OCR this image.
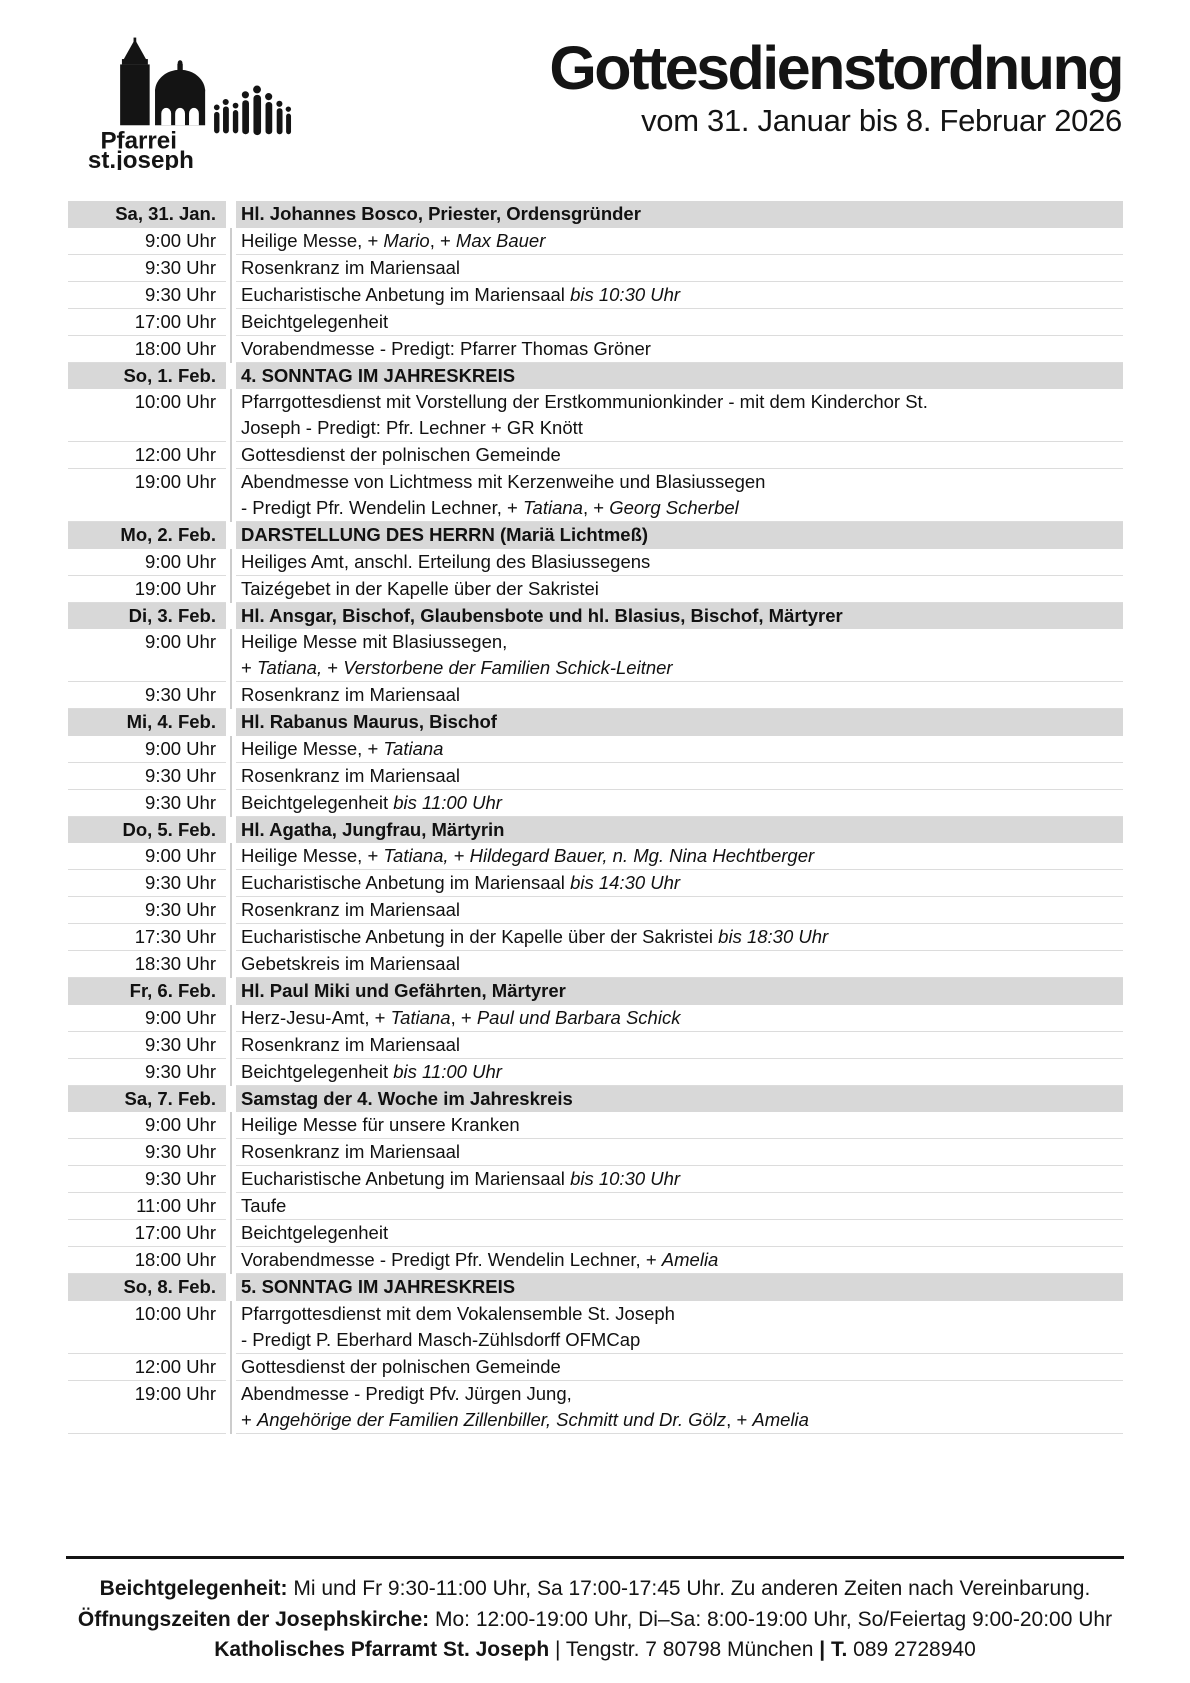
Pfarrei
st.joseph
Gottesdienstordnung
vom 31. Januar bis 8. Februar 2026
Sa, 31. Jan.	Hl. Johannes Bosco, Priester, Ordensgründer
9:00 Uhr	Heilige Messe, + Mario, + Max Bauer
9:30 Uhr	Rosenkranz im Mariensaal
9:30 Uhr	Eucharistische Anbetung im Mariensaal bis 10:30 Uhr
17:00 Uhr	Beichtgelegenheit
18:00 Uhr	Vorabendmesse - Predigt: Pfarrer Thomas Gröner
So, 1. Feb.	4. SONNTAG IM JAHRESKREIS
10:00 Uhr	Pfarrgottesdienst mit Vorstellung der Erstkommunionkinder - mit dem Kinderchor St.
Joseph - Predigt: Pfr. Lechner + GR Knött
12:00 Uhr	Gottesdienst der polnischen Gemeinde
19:00 Uhr	Abendmesse von Lichtmess mit Kerzenweihe und Blasiussegen
- Predigt Pfr. Wendelin Lechner, + Tatiana, + Georg Scherbel
Mo, 2. Feb.	DARSTELLUNG DES HERRN (Mariä Lichtmeß)
9:00 Uhr	Heiliges Amt, anschl. Erteilung des Blasiussegens
19:00 Uhr	Taizégebet in der Kapelle über der Sakristei
Di, 3. Feb.	Hl. Ansgar, Bischof, Glaubensbote und hl. Blasius, Bischof, Märtyrer
9:00 Uhr	Heilige Messe mit Blasiussegen,
+ Tatiana, + Verstorbene der Familien Schick-Leitner
9:30 Uhr	Rosenkranz im Mariensaal
Mi, 4. Feb.	Hl. Rabanus Maurus, Bischof
9:00 Uhr	Heilige Messe, + Tatiana
9:30 Uhr	Rosenkranz im Mariensaal
9:30 Uhr	Beichtgelegenheit bis 11:00 Uhr
Do, 5. Feb.	Hl. Agatha, Jungfrau, Märtyrin
9:00 Uhr	Heilige Messe, + Tatiana, + Hildegard Bauer, n. Mg. Nina Hechtberger
9:30 Uhr	Eucharistische Anbetung im Mariensaal bis 14:30 Uhr
9:30 Uhr	Rosenkranz im Mariensaal
17:30 Uhr	Eucharistische Anbetung in der Kapelle über der Sakristei bis 18:30 Uhr
18:30 Uhr	Gebetskreis im Mariensaal
Fr, 6. Feb.	Hl. Paul Miki und Gefährten, Märtyrer
9:00 Uhr	Herz-Jesu-Amt, + Tatiana, + Paul und Barbara Schick
9:30 Uhr	Rosenkranz im Mariensaal
9:30 Uhr	Beichtgelegenheit bis 11:00 Uhr
Sa, 7. Feb.	Samstag der 4. Woche im Jahreskreis
9:00 Uhr	Heilige Messe für unsere Kranken
9:30 Uhr	Rosenkranz im Mariensaal
9:30 Uhr	Eucharistische Anbetung im Mariensaal bis 10:30 Uhr
11:00 Uhr	Taufe
17:00 Uhr	Beichtgelegenheit
18:00 Uhr	Vorabendmesse - Predigt Pfr. Wendelin Lechner, + Amelia
So, 8. Feb.	5. SONNTAG IM JAHRESKREIS
10:00 Uhr	Pfarrgottesdienst mit dem Vokalensemble St. Joseph
- Predigt P. Eberhard Masch-Zühlsdorff OFMCap
12:00 Uhr	Gottesdienst der polnischen Gemeinde
19:00 Uhr	Abendmesse - Predigt Pfv. Jürgen Jung,
+ Angehörige der Familien Zillenbiller, Schmitt und Dr. Gölz, + Amelia
Beichtgelegenheit: Mi und Fr 9:30-11:00 Uhr, Sa 17:00-17:45 Uhr. Zu anderen Zeiten nach Vereinbarung.
Öffnungszeiten der Josephskirche: Mo: 12:00-19:00 Uhr, Di–Sa: 8:00-19:00 Uhr, So/Feiertag 9:00-20:00 Uhr
Katholisches Pfarramt St. Joseph | Tengstr. 7 80798 München | T. 089 2728940
